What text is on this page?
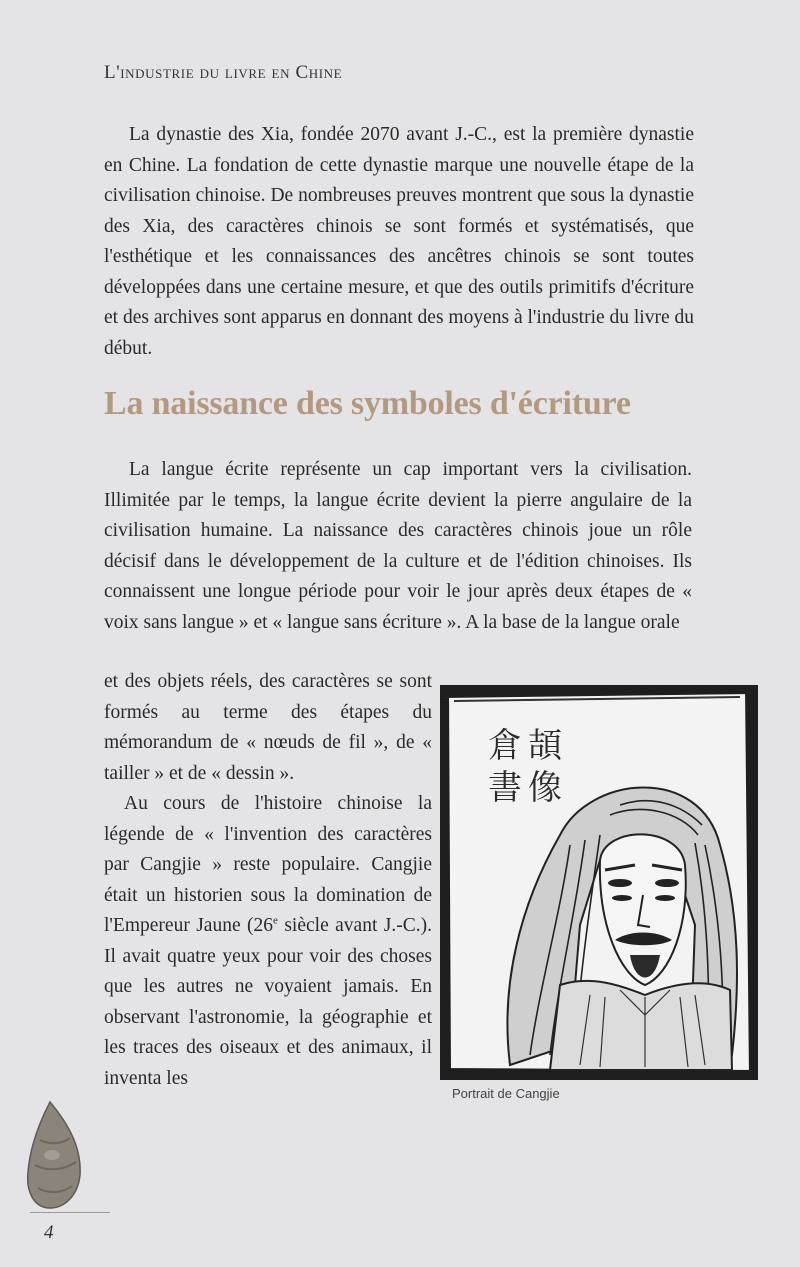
L'industrie du livre en Chine

La dynastie des Xia, fondée 2070 avant J.-C., est la première dynastie en Chine. La fondation de cette dynastie marque une nouvelle étape de la civilisation chinoise. De nombreuses preuves montrent que sous la dynastie des Xia, des caractères chinois se sont formés et systématisés, que l'esthétique et les connaissances des ancêtres chinois se sont toutes développées dans une certaine mesure, et que des outils primitifs d'écriture et des archives sont apparus en donnant des moyens à l'industrie du livre du début.

La naissance des symboles d'écriture

La langue écrite représente un cap important vers la civilisation. Illimitée par le temps, la langue écrite devient la pierre angulaire de la civilisation humaine. La naissance des caractères chinois joue un rôle décisif dans le développement de la culture et de l'édition chinoises. Ils connaissent une longue période pour voir le jour après deux étapes de « voix sans langue » et « langue sans écriture ». A la base de la langue orale

et des objets réels, des caractères se sont formés au terme des étapes du mémorandum de « nœuds de fil », de « tailler » et de « dessin ».

Au cours de l'histoire chinoise la légende de « l'invention des caractères par Cangjie » reste populaire. Cangjie était un historien sous la domination de l'Empereur Jaune (26e siècle avant J.-C.). Il avait quatre yeux pour voir des choses que les autres ne voyaient jamais. En observant l'astronomie, la géographie et les traces des oiseaux et des animaux, il inventa les

倉
書
頡
像
Portrait de Cangjie
4
